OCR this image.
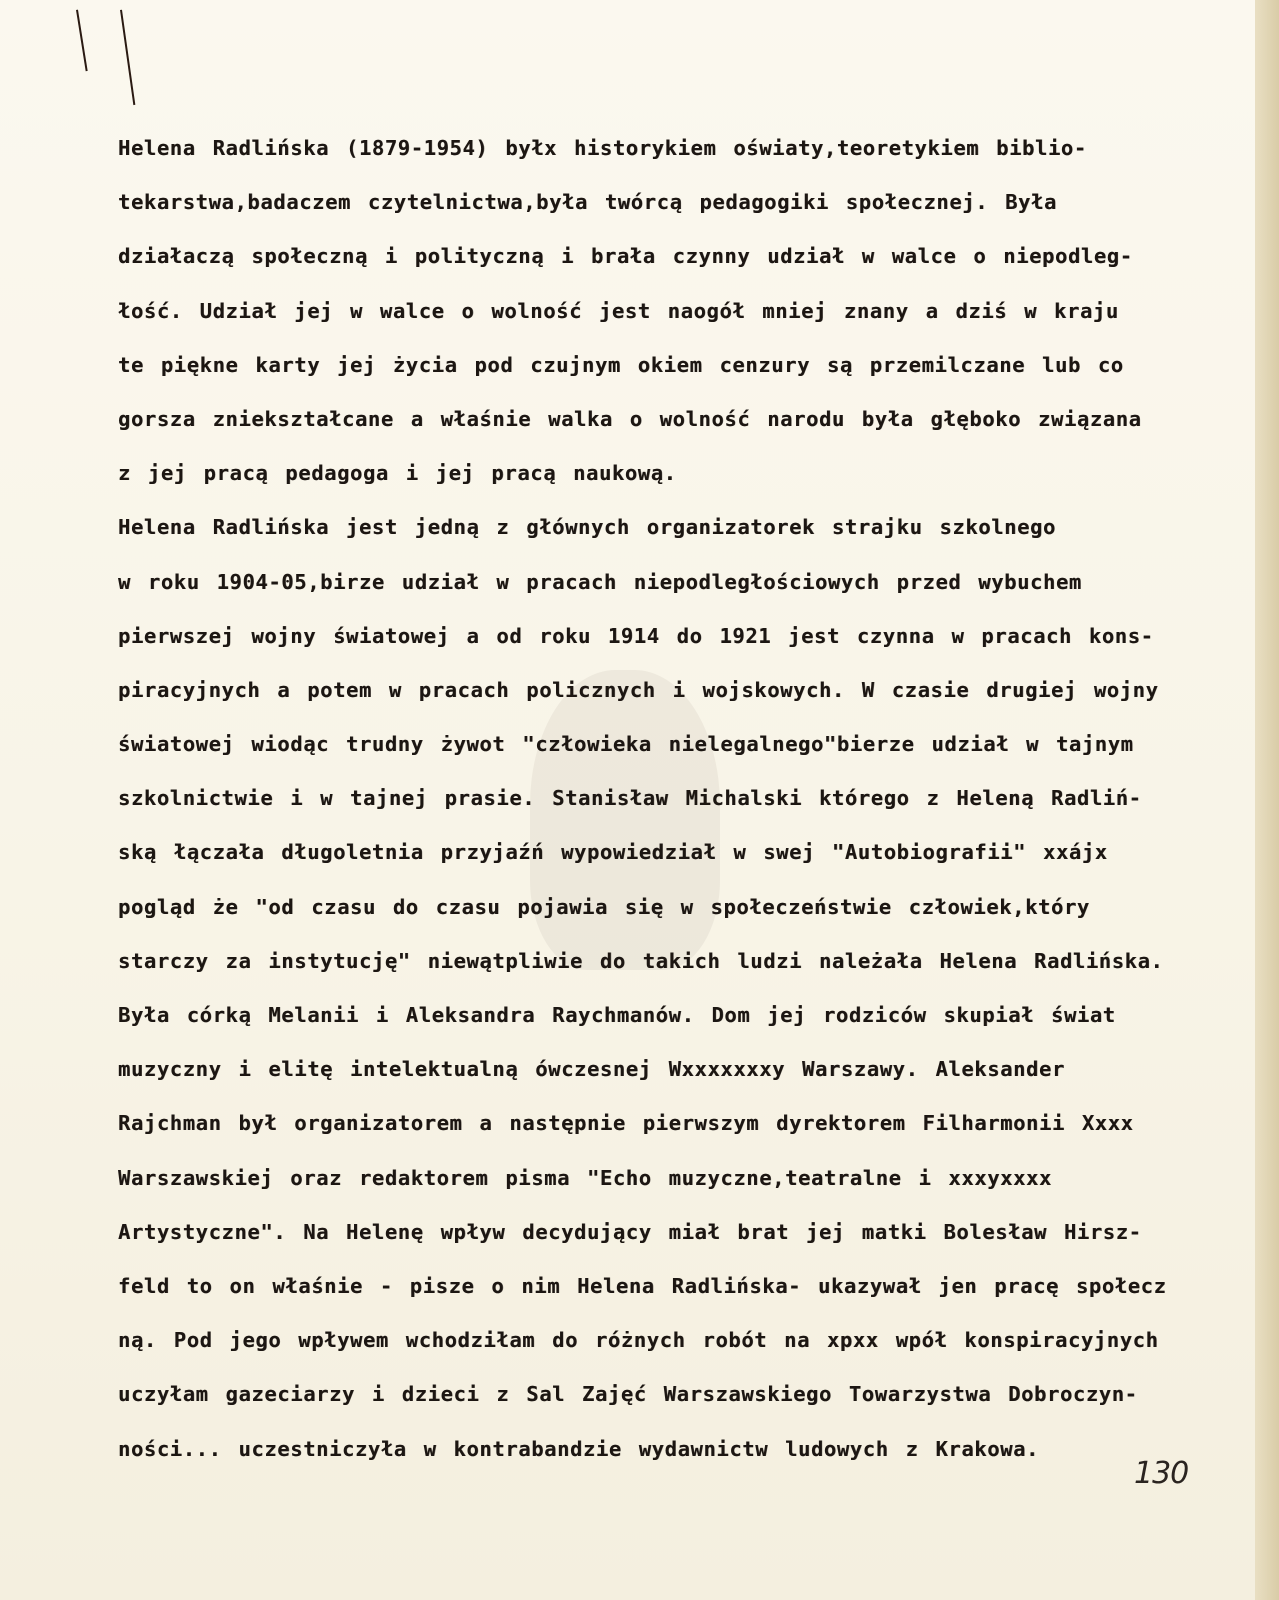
Helena Radlińska (1879-1954) byłx historykiem oświaty,teoretykiem biblio-
tekarstwa,badaczem czytelnictwa,była twórcą pedagogiki społecznej. Była
działaczą społeczną i polityczną i brała czynny udział w walce o niepodleg-
łość. Udział jej w walce o wolność jest naogół mniej znany a dziś w kraju
te piękne karty jej życia pod czujnym okiem cenzury są przemilczane lub co
gorsza zniekształcane a właśnie walka o wolność narodu była głęboko związana
z jej pracą pedagoga i jej pracą naukową.
Helena Radlińska jest jedną z głównych organizatorek strajku szkolnego
w roku 1904-05,birze udział w pracach niepodległościowych przed wybuchem
pierwszej wojny światowej a od roku 1914 do 1921 jest czynna w pracach kons-
piracyjnych a potem w pracach policznych i wojskowych. W czasie drugiej wojny
światowej wiodąc trudny żywot "człowieka nielegalnego"bierze udział w tajnym
szkolnictwie i w tajnej prasie. Stanisław Michalski którego z Heleną Radliń-
ską łączała długoletnia przyjaźń wypowiedział w swej "Autobiografii" xxájx
pogląd że "od czasu do czasu pojawia się w społeczeństwie człowiek,który
starczy za instytucję" niewątpliwie do takich ludzi należała Helena Radlińska.
Była córką Melanii i Aleksandra Raychmanów. Dom jej rodziców skupiał świat
muzyczny i elitę intelektualną ówczesnej Wxxxxxxxy Warszawy. Aleksander
Rajchman był organizatorem a następnie pierwszym dyrektorem Filharmonii Xxxx
Warszawskiej oraz redaktorem pisma "Echo muzyczne,teatralne i xxxyxxxx
Artystyczne". Na Helenę wpływ decydujący miał brat jej matki Bolesław Hirsz-
feld to on właśnie - pisze o nim Helena Radlińska- ukazywał jen pracę społecz
ną. Pod jego wpływem wchodziłam do różnych robót na xpxx wpół konspiracyjnych
uczyłam gazeciarzy i dzieci z Sal Zajęć Warszawskiego Towarzystwa Dobroczyn-
ności... uczestniczyła w kontrabandzie wydawnictw ludowych z Krakowa.
130
